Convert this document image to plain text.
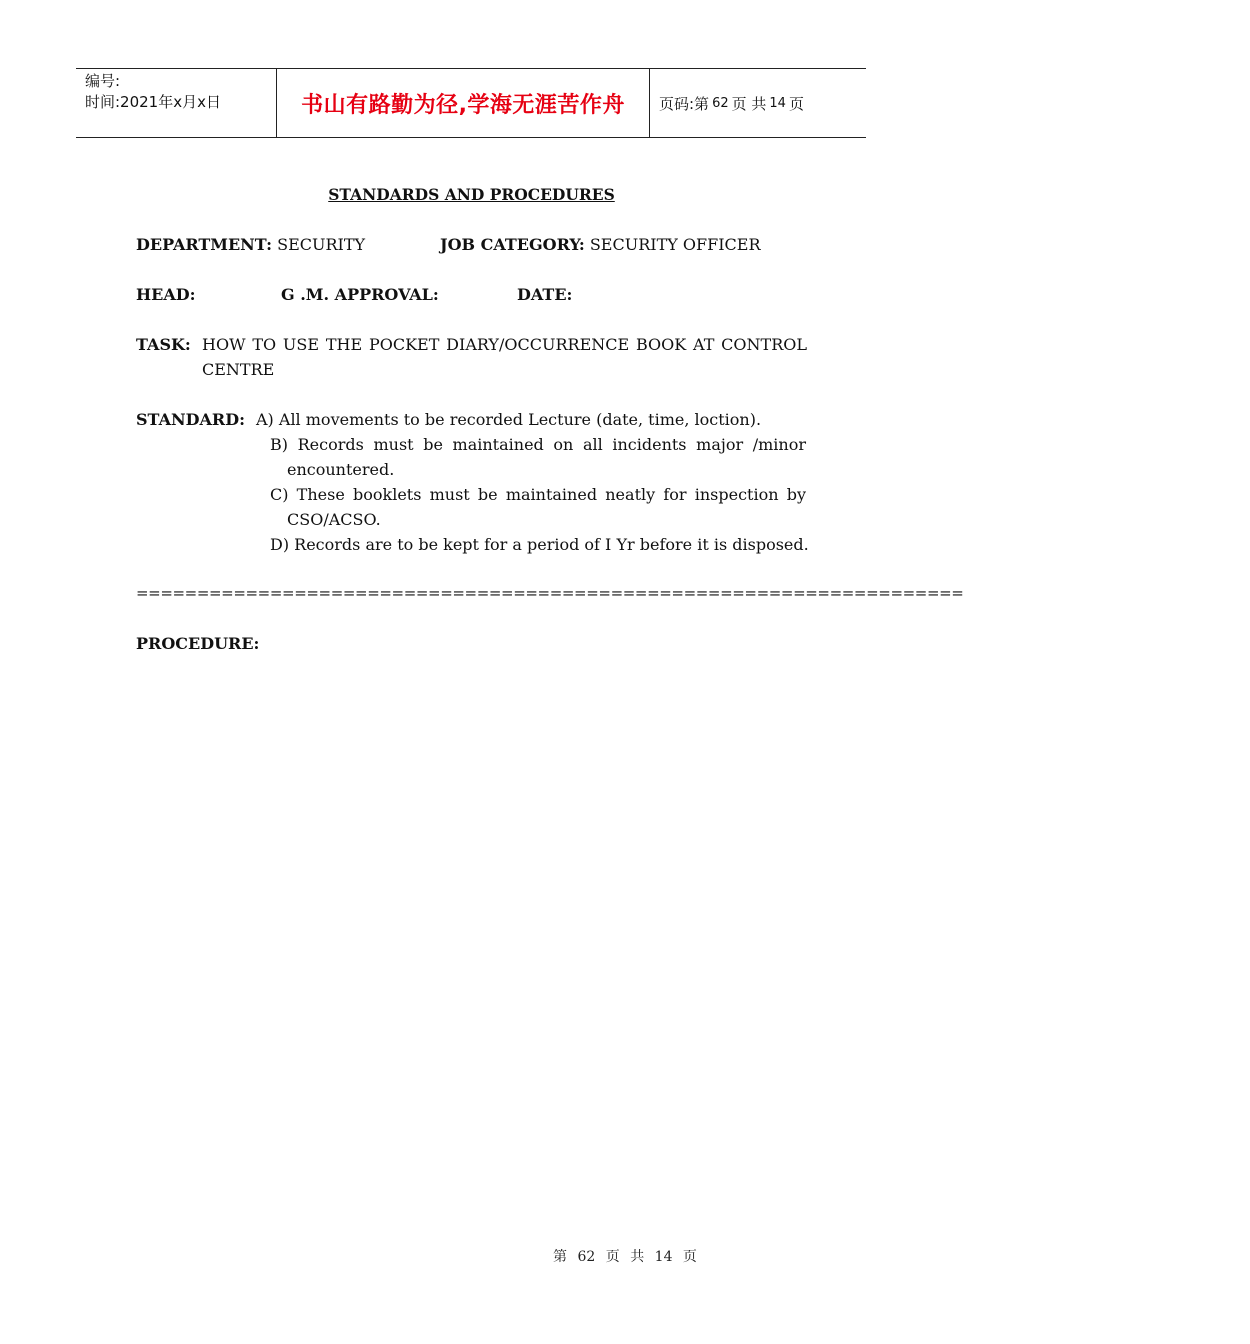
编号:
时间:2021年x月x日	书山有路勤为径,学海无涯苦作舟	页码:第 62 页 共 14 页
STANDARDS AND PROCEDURES
DEPARTMENT: SECURITY	JOB CATEGORY: SECURITY OFFICER
HEAD:	G .M. APPROVAL:	DATE:
TASK: HOW TO USE THE POCKET DIARY/OCCURRENCE BOOK AT CONTROL
CENTRE
STANDARD: A) All movements to be recorded Lecture (date, time, loction).
B) Records must be maintained on all incidents major /minor
encountered.
C) These booklets must be maintained neatly for inspection by
CSO/ACSO.
D) Records are to be kept for a period of I Yr before it is disposed.
====================================================================
PROCEDURE:
第 62 页 共 14 页
